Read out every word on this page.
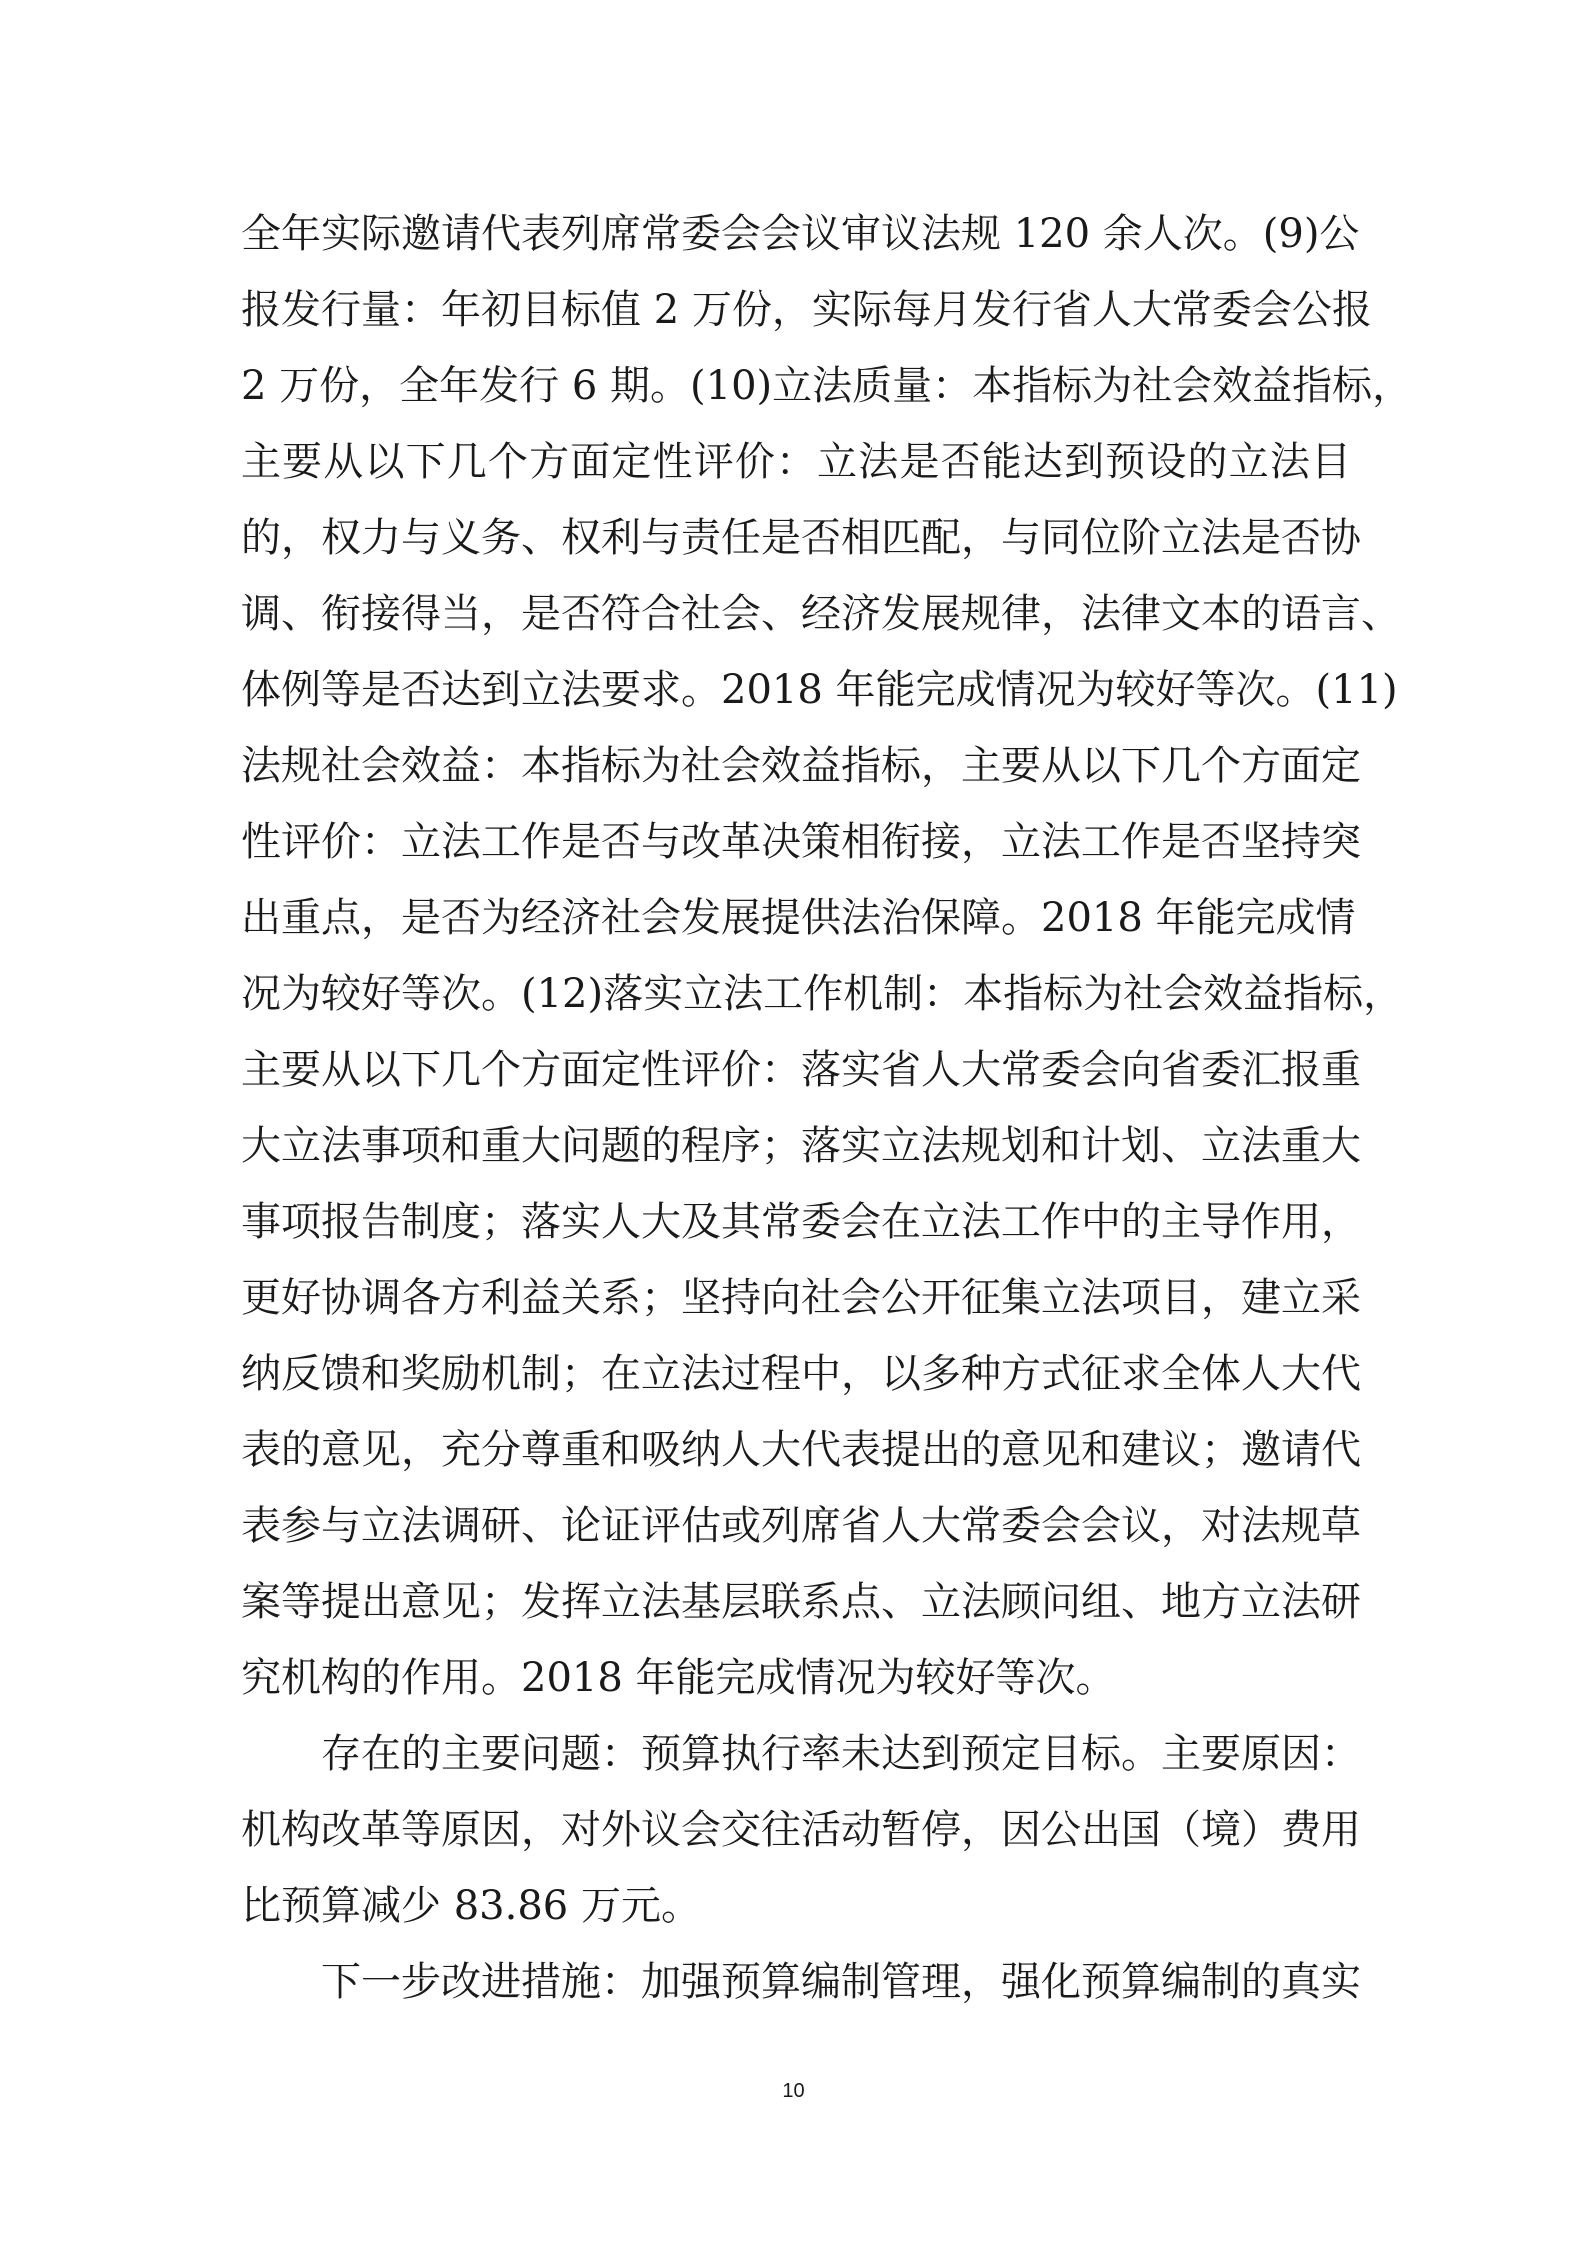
全年实际邀请代表列席常委会会议审议法规 120 余人次。(9)公
报发行量：年初目标值 2 万份，实际每月发行省人大常委会公报
2 万份，全年发行 6 期。(10)立法质量：本指标为社会效益指标，
主要从以下几个方面定性评价：立法是否能达到预设的立法目
的，权力与义务、权利与责任是否相匹配，与同位阶立法是否协
调、衔接得当，是否符合社会、经济发展规律，法律文本的语言、
体例等是否达到立法要求。2018 年能完成情况为较好等次。(11)
法规社会效益：本指标为社会效益指标，主要从以下几个方面定
性评价：立法工作是否与改革决策相衔接，立法工作是否坚持突
出重点，是否为经济社会发展提供法治保障。2018 年能完成情
况为较好等次。(12)落实立法工作机制：本指标为社会效益指标，
主要从以下几个方面定性评价：落实省人大常委会向省委汇报重
大立法事项和重大问题的程序；落实立法规划和计划、立法重大
事项报告制度；落实人大及其常委会在立法工作中的主导作用，
更好协调各方利益关系；坚持向社会公开征集立法项目，建立采
纳反馈和奖励机制；在立法过程中，以多种方式征求全体人大代
表的意见，充分尊重和吸纳人大代表提出的意见和建议；邀请代
表参与立法调研、论证评估或列席省人大常委会会议，对法规草
案等提出意见；发挥立法基层联系点、立法顾问组、地方立法研
究机构的作用。2018 年能完成情况为较好等次。
存在的主要问题：预算执行率未达到预定目标。主要原因：
机构改革等原因，对外议会交往活动暂停，因公出国（境）费用
比预算减少 83.86 万元。
下一步改进措施：加强预算编制管理，强化预算编制的真实
10
